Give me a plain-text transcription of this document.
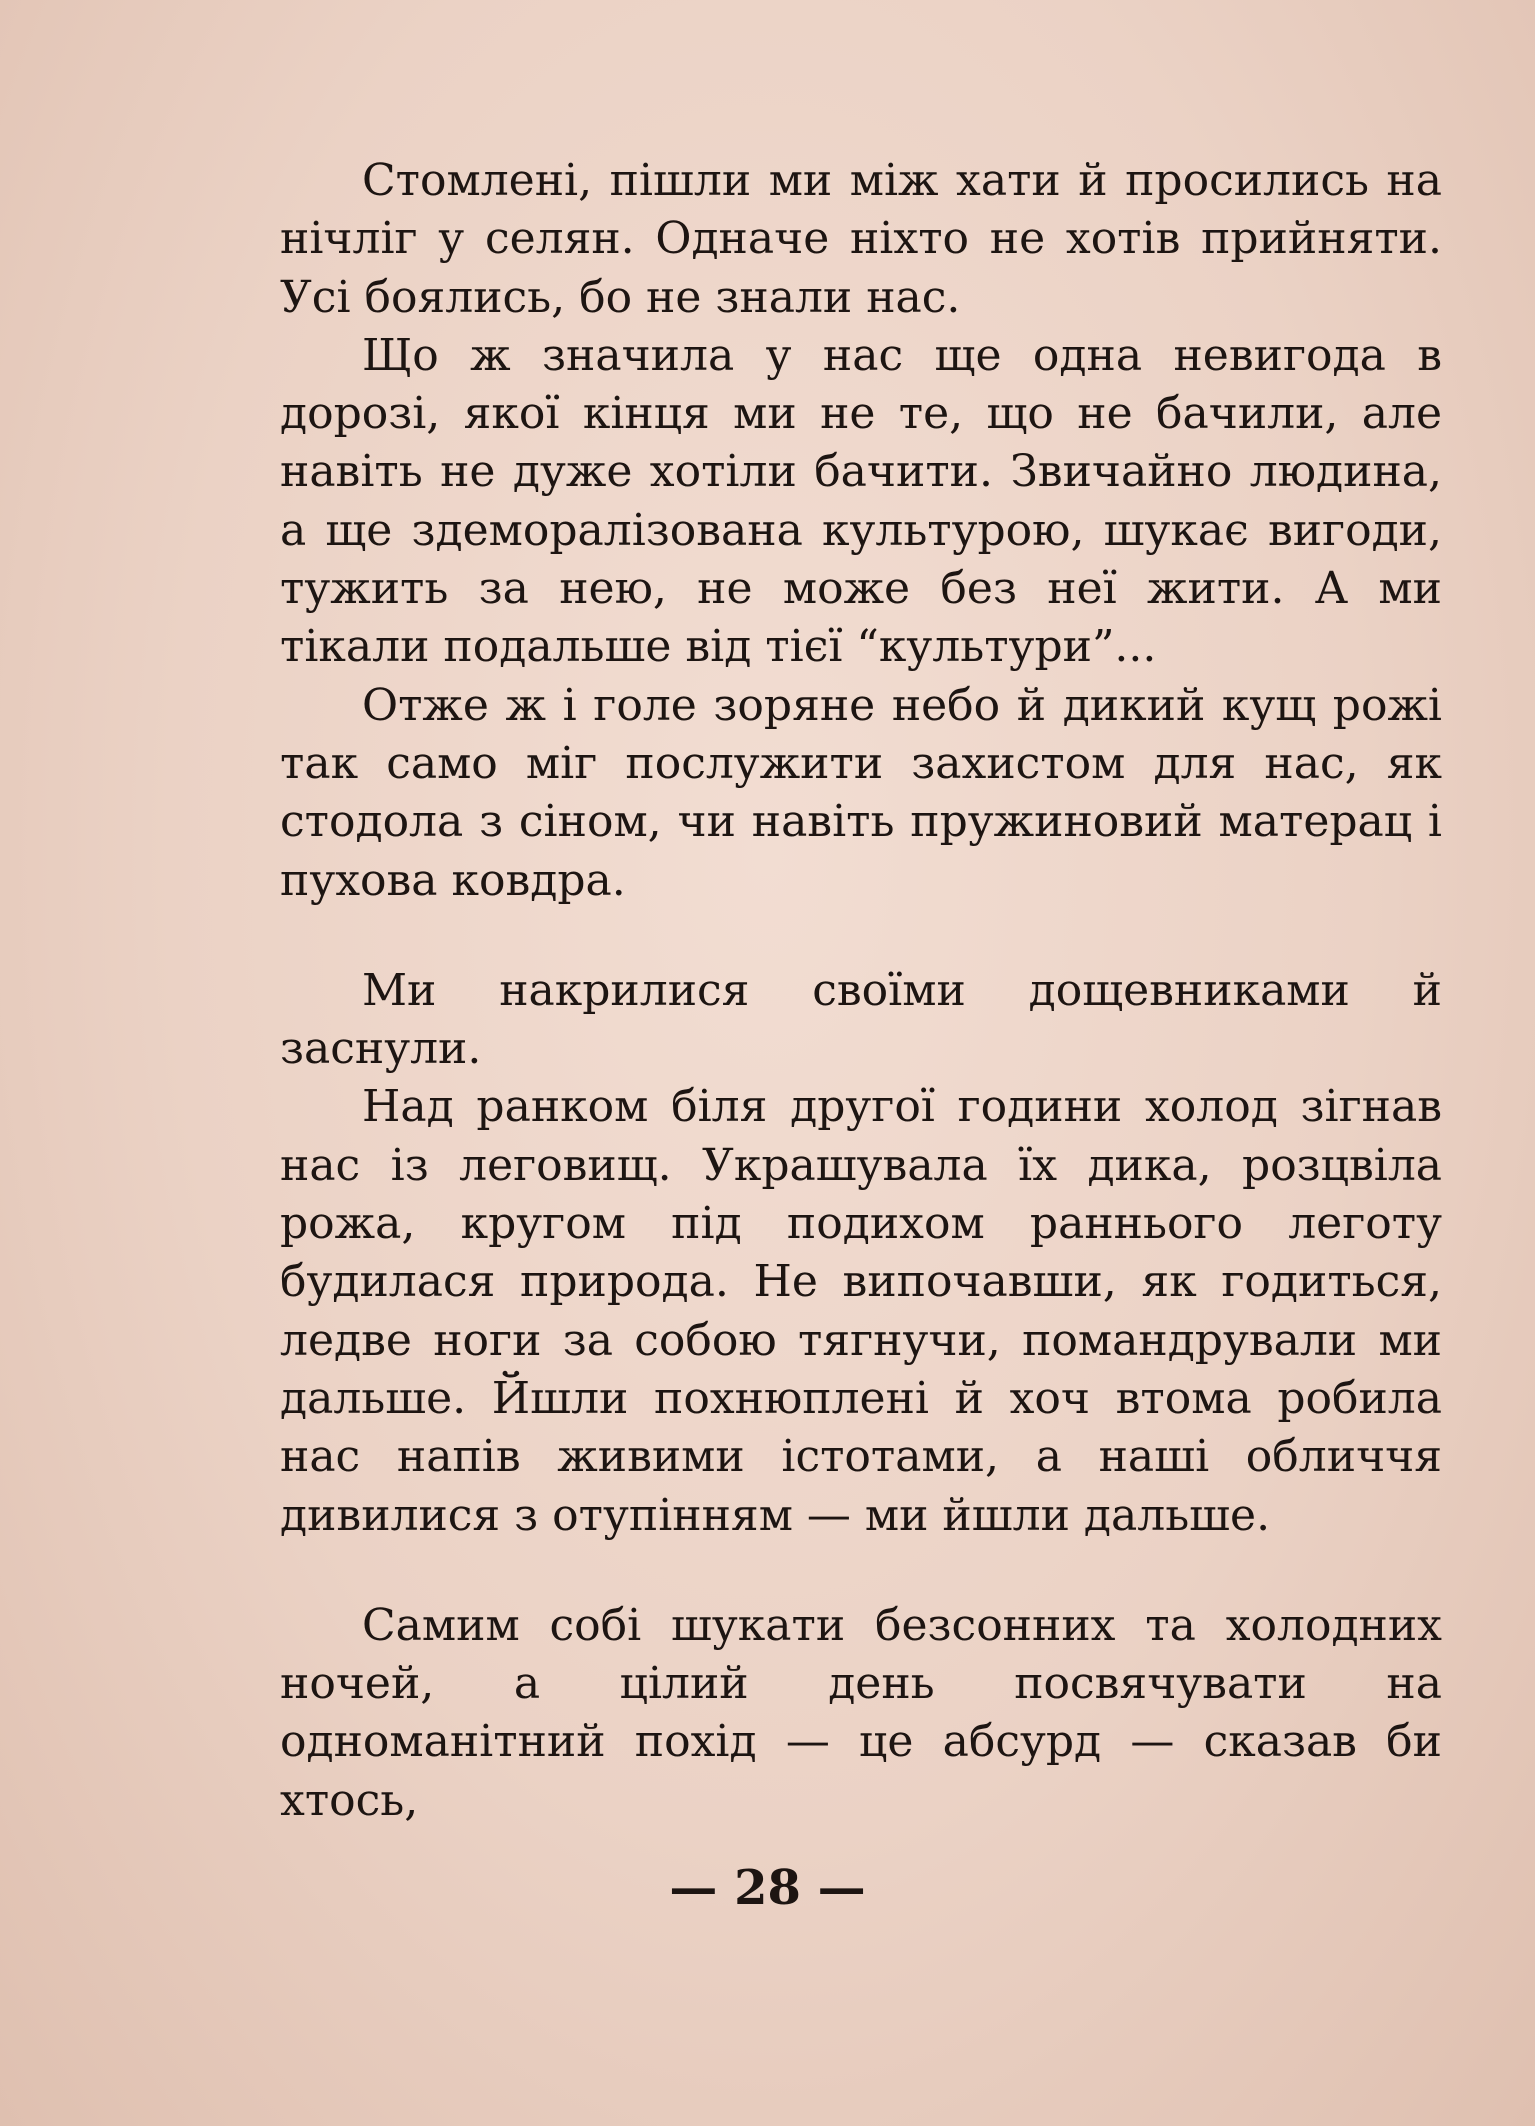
Стомлені, пішли ми між хати й просились на нічліг у селян. Одначе ніхто не хотів прийняти. Усі боялись, бо не знали нас.

Що ж значила у нас ще одна невигода в дорозі, якої кінця ми не те, що не бачили, але навіть не дуже хотіли бачити. Звичайно людина, а ще здеморалізована культурою, шукає вигоди, тужить за нею, не може без неї жити. А ми тікали подальше від тієї “культури”...

Отже ж і голе зоряне небо й дикий кущ рожі так само міг послужити захистом для нас, як стодола з сіном, чи навіть пружиновий матерац і пухова ковдра.

Ми накрилися своїми дощевниками й заснули.

Над ранком біля другої години холод зігнав нас із леговищ. Украшувала їх дика, розцвіла рожа, кругом під подихом раннього леготу будилася природа. Не випочавши, як годиться, ледве ноги за собою тягнучи, помандрували ми дальше. Йшли похнюплені й хоч втома робила нас напів живими істотами, а наші обличчя дивилися з отупінням — ми йшли дальше.

Самим собі шукати безсонних та холодних ночей, а цілий день посвячувати на одноманітний похід — це абсурд — сказав би хтось,

— 28 —
